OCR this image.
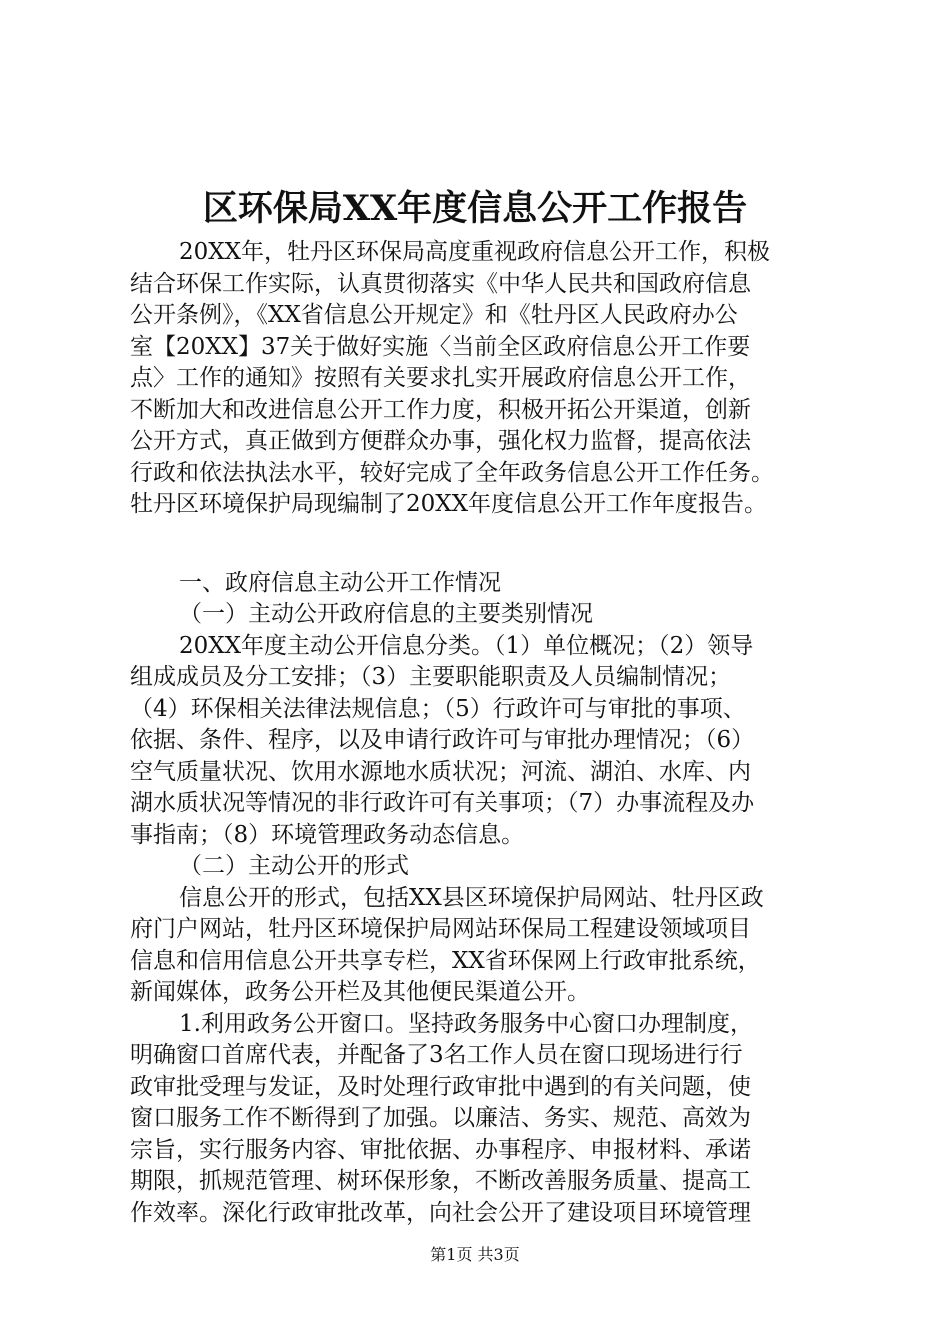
区环保局XX年度信息公开工作报告
20XX年，牡丹区环保局高度重视政府信息公开工作，积极
结合环保工作实际，认真贯彻落实《中华人民共和国政府信息
公开条例》，《XX省信息公开规定》和《牡丹区人民政府办公
室【20XX】37关于做好实施〈当前全区政府信息公开工作要
点〉工作的通知》按照有关要求扎实开展政府信息公开工作，
不断加大和改进信息公开工作力度，积极开拓公开渠道，创新
公开方式，真正做到方便群众办事，强化权力监督，提高依法
行政和依法执法水平，较好完成了全年政务信息公开工作任务。
牡丹区环境保护局现编制了20XX年度信息公开工作年度报告。
一、政府信息主动公开工作情况
（一）主动公开政府信息的主要类别情况
20XX年度主动公开信息分类。（1）单位概况；（2）领导
组成成员及分工安排；（3）主要职能职责及人员编制情况；
（4）环保相关法律法规信息；（5）行政许可与审批的事项、
依据、条件、程序，以及申请行政许可与审批办理情况；（6）
空气质量状况、饮用水源地水质状况；河流、湖泊、水库、内
湖水质状况等情况的非行政许可有关事项；（7）办事流程及办
事指南；（8）环境管理政务动态信息。
（二）主动公开的形式
信息公开的形式，包括XX县区环境保护局网站、牡丹区政
府门户网站，牡丹区环境保护局网站环保局工程建设领域项目
信息和信用信息公开共享专栏，XX省环保网上行政审批系统，
新闻媒体，政务公开栏及其他便民渠道公开。
1.利用政务公开窗口。坚持政务服务中心窗口办理制度，
明确窗口首席代表，并配备了3名工作人员在窗口现场进行行
政审批受理与发证，及时处理行政审批中遇到的有关问题，使
窗口服务工作不断得到了加强。以廉洁、务实、规范、高效为
宗旨，实行服务内容、审批依据、办事程序、申报材料、承诺
期限，抓规范管理、树环保形象，不断改善服务质量、提高工
作效率。深化行政审批改革，向社会公开了建设项目环境管理
第1页 共3页
